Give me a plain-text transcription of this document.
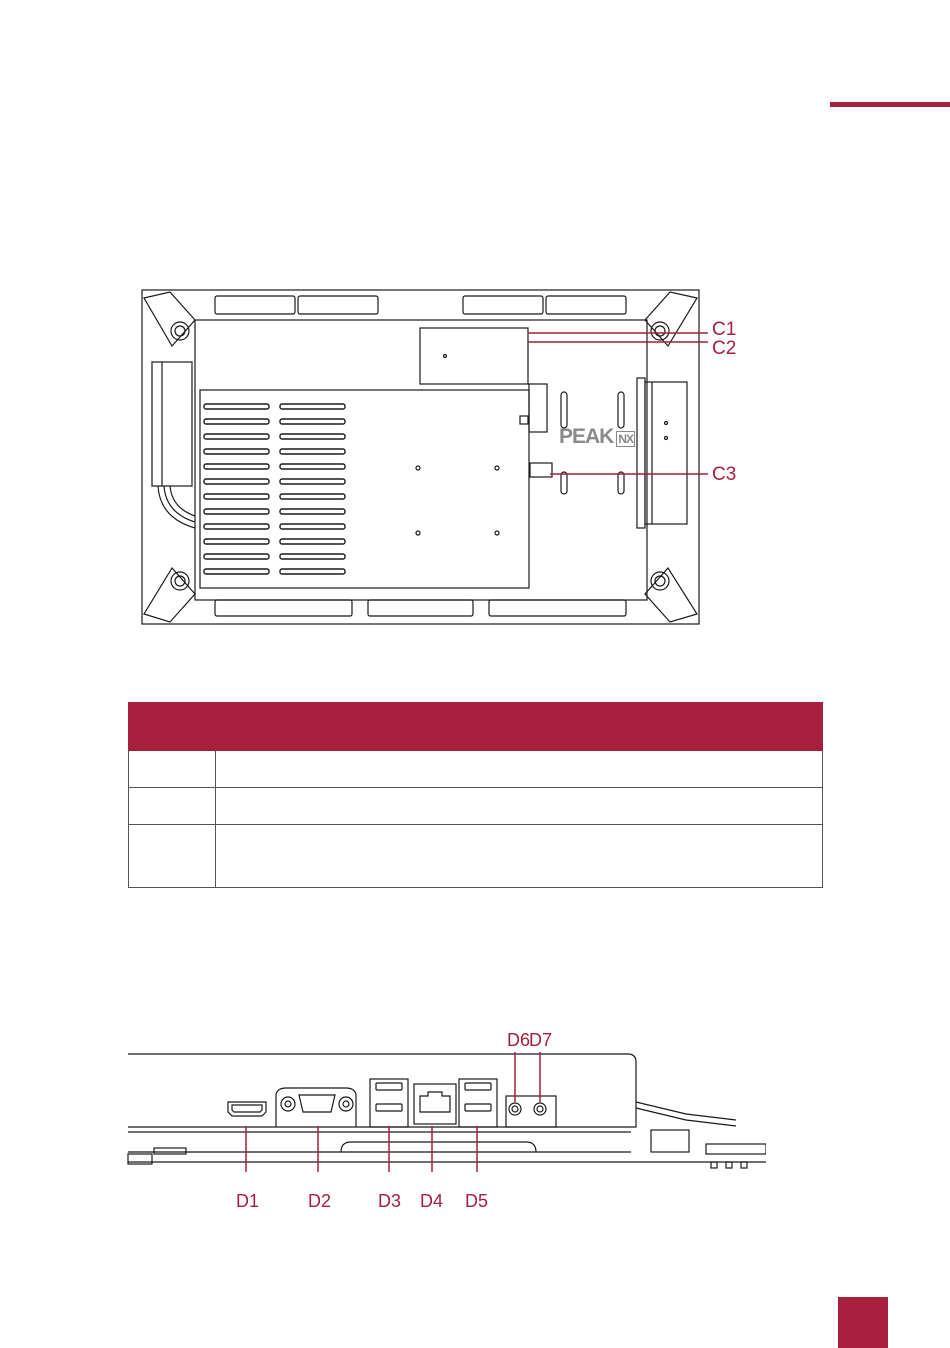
PEAK NX
C1
C2
C3

D6
D7
D1	D2	D3 D4 D5
